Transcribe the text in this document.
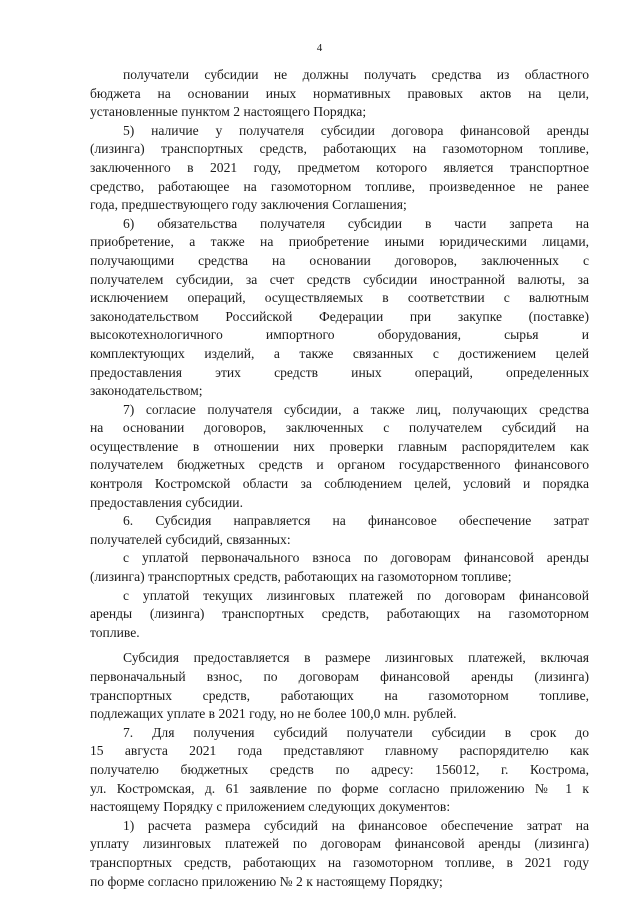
4

получатели субсидии не должны получать средства из областного

бюджета на основании иных нормативных правовых актов на цели,

установленные пунктом 2 настоящего Порядка;

5) наличие у получателя субсидии договора финансовой аренды

(лизинга) транспортных средств, работающих на газомоторном топливе,

заключенного в 2021 году, предметом которого является транспортное

средство, работающее на газомоторном топливе, произведенное не ранее

года, предшествующего году заключения Соглашения;

6) обязательства получателя субсидии в части запрета на

приобретение, а также на приобретение иными юридическими лицами,

получающими средства на основании договоров, заключенных с

получателем субсидии, за счет средств субсидии иностранной валюты, за

исключением операций, осуществляемых в соответствии с валютным

законодательством Российской Федерации при закупке (поставке)

высокотехнологичного импортного оборудования, сырья и

комплектующих изделий, а также связанных с достижением целей

предоставления этих средств иных операций, определенных

законодательством;

7) согласие получателя субсидии, а также лиц, получающих средства

на основании договоров, заключенных с получателем субсидий на

осуществление в отношении них проверки главным распорядителем как

получателем бюджетных средств и органом государственного финансового

контроля Костромской области за соблюдением целей, условий и порядка

предоставления субсидии.

6. Субсидия направляется на финансовое обеспечение затрат

получателей субсидий, связанных:

с уплатой первоначального взноса по договорам финансовой аренды

(лизинга) транспортных средств, работающих на газомоторном топливе;

с уплатой текущих лизинговых платежей по договорам финансовой

аренды (лизинга) транспортных средств, работающих на газомоторном

топливе.

Субсидия предоставляется в размере лизинговых платежей, включая

первоначальный взнос, по договорам финансовой аренды (лизинга)

транспортных средств, работающих на газомоторном топливе,

подлежащих уплате в 2021 году, но не более 100,0 млн. рублей.

7. Для получения субсидий получатели субсидии в срок до

15 августа 2021 года представляют главному распорядителю как

получателю бюджетных средств по адресу: 156012, г. Кострома,

ул. Костромская, д. 61 заявление по форме согласно приложению № 1 к

настоящему Порядку с приложением следующих документов:

1) расчета размера субсидий на финансовое обеспечение затрат на

уплату лизинговых платежей по договорам финансовой аренды (лизинга)

транспортных средств, работающих на газомоторном топливе, в 2021 году

по форме согласно приложению № 2 к настоящему Порядку;
